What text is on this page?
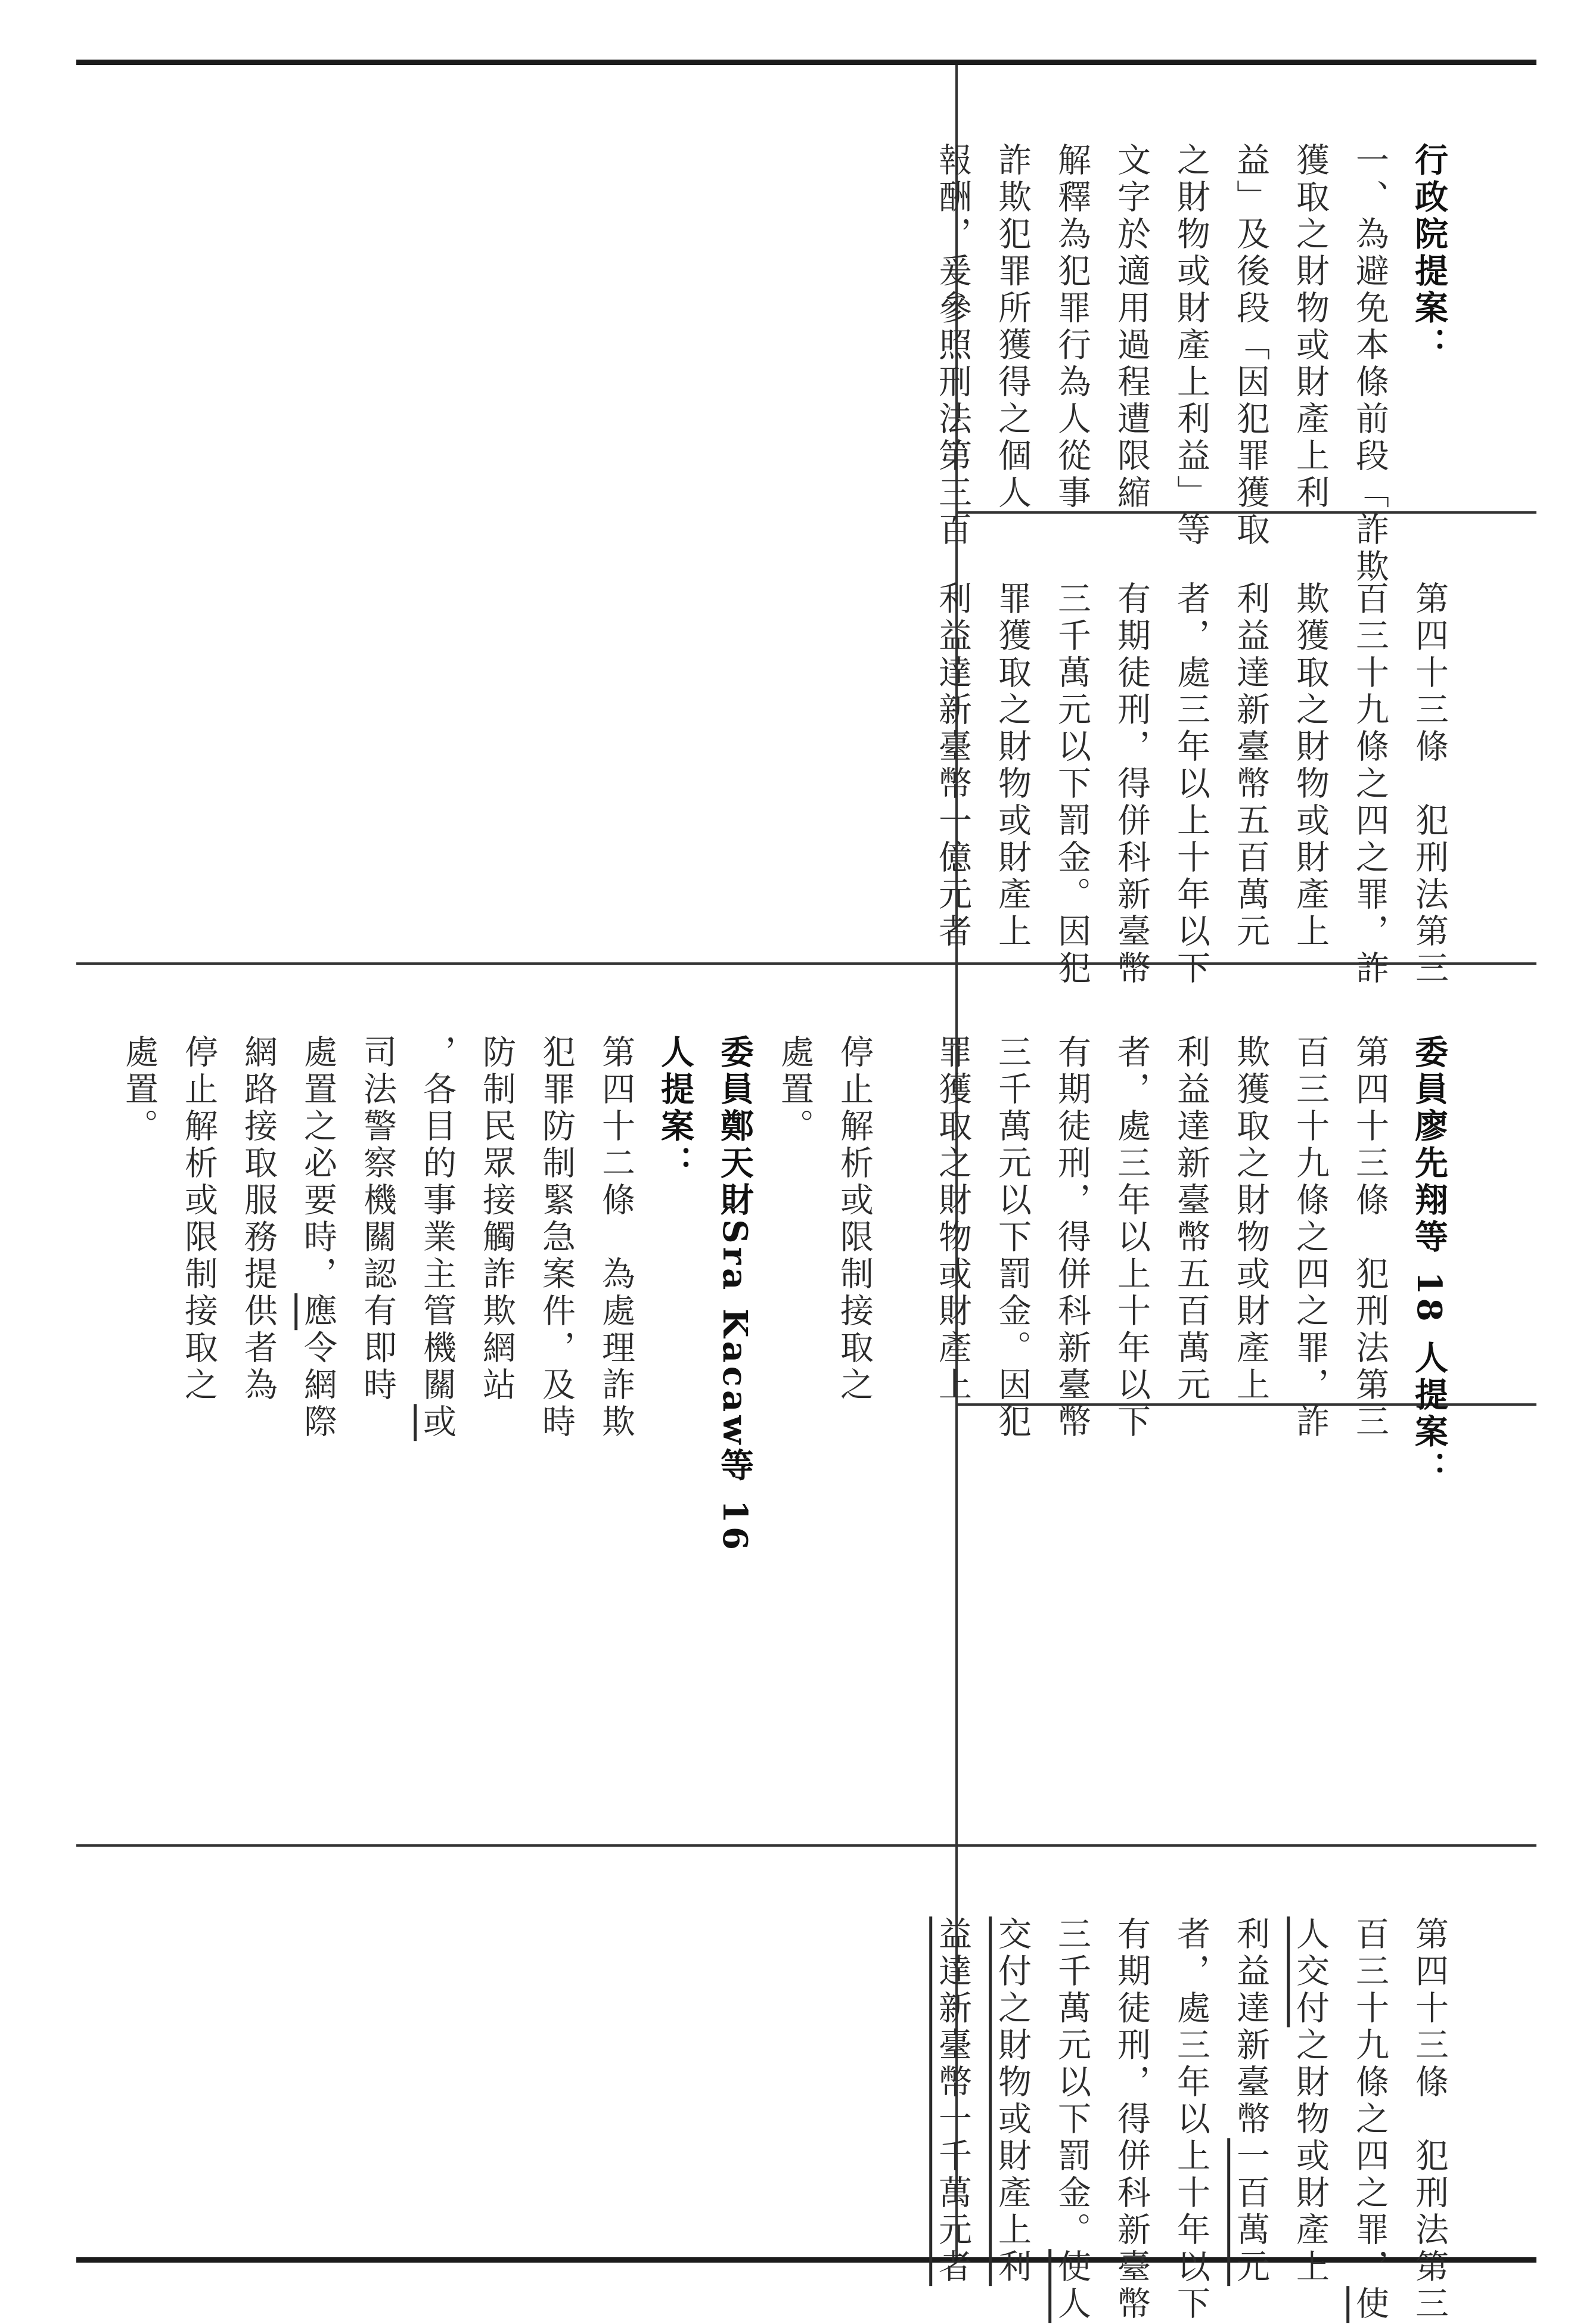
行政院提案：
一、為避免本條前段「詐欺
獲取之財物或財產上利
益」及後段「因犯罪獲取
之財物或財產上利益」等
文字於適用過程遭限縮
解釋為犯罪行為人從事
詐欺犯罪所獲得之個人
報酬，爰參照刑法第三百

第四十三條　犯刑法第三
百三十九條之四之罪，詐
欺獲取之財物或財產上
利益達新臺幣五百萬元
者，處三年以上十年以下
有期徒刑，得併科新臺幣
三千萬元以下罰金。因犯
罪獲取之財物或財產上
利益達新臺幣一億元者

委員廖先翔等 18 人提案：
第四十三條　犯刑法第三
百三十九條之四之罪，詐
欺獲取之財物或財產上
利益達新臺幣五百萬元
者，處三年以上十年以下
有期徒刑，得併科新臺幣
三千萬元以下罰金。因犯
罪獲取之財物或財產上

第四十三條　犯刑法第三
百三十九條之四之罪，使
人交付之財物或財產上
利益達新臺幣一百萬元
者，處三年以上十年以下
有期徒刑，得併科新臺幣
三千萬元以下罰金。使人
交付之財物或財產上利
益達新臺幣一千萬元者

停止解析或限制接取之
處置。
委員鄭天財Sra Kacaw等 16
人提案：
第四十二條　為處理詐欺
犯罪防制緊急案件，及時
防制民眾接觸詐欺網站
，各目的事業主管機關或
司法警察機關認有即時
處置之必要時，應令網際
網路接取服務提供者為
停止解析或限制接取之
處置。
